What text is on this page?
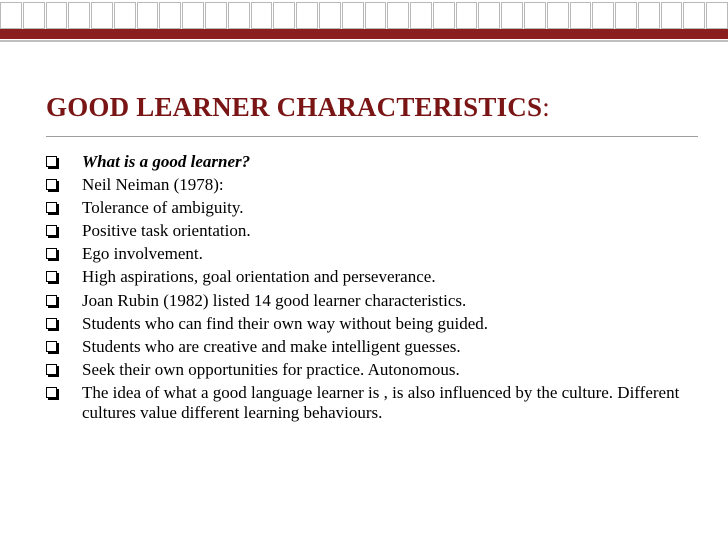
GOOD LEARNER CHARACTERISTICS:
What is a good learner?
Neil Neiman (1978):
Tolerance of ambiguity.
Positive task orientation.
Ego involvement.
High aspirations, goal orientation and perseverance.
Joan Rubin (1982) listed 14 good learner characteristics.
Students who can find their own way without being guided.
Students who are creative and make intelligent guesses.
Seek their own opportunities for practice. Autonomous.
The idea of what a good language learner is , is also influenced by the culture. Different cultures value different learning behaviours.
